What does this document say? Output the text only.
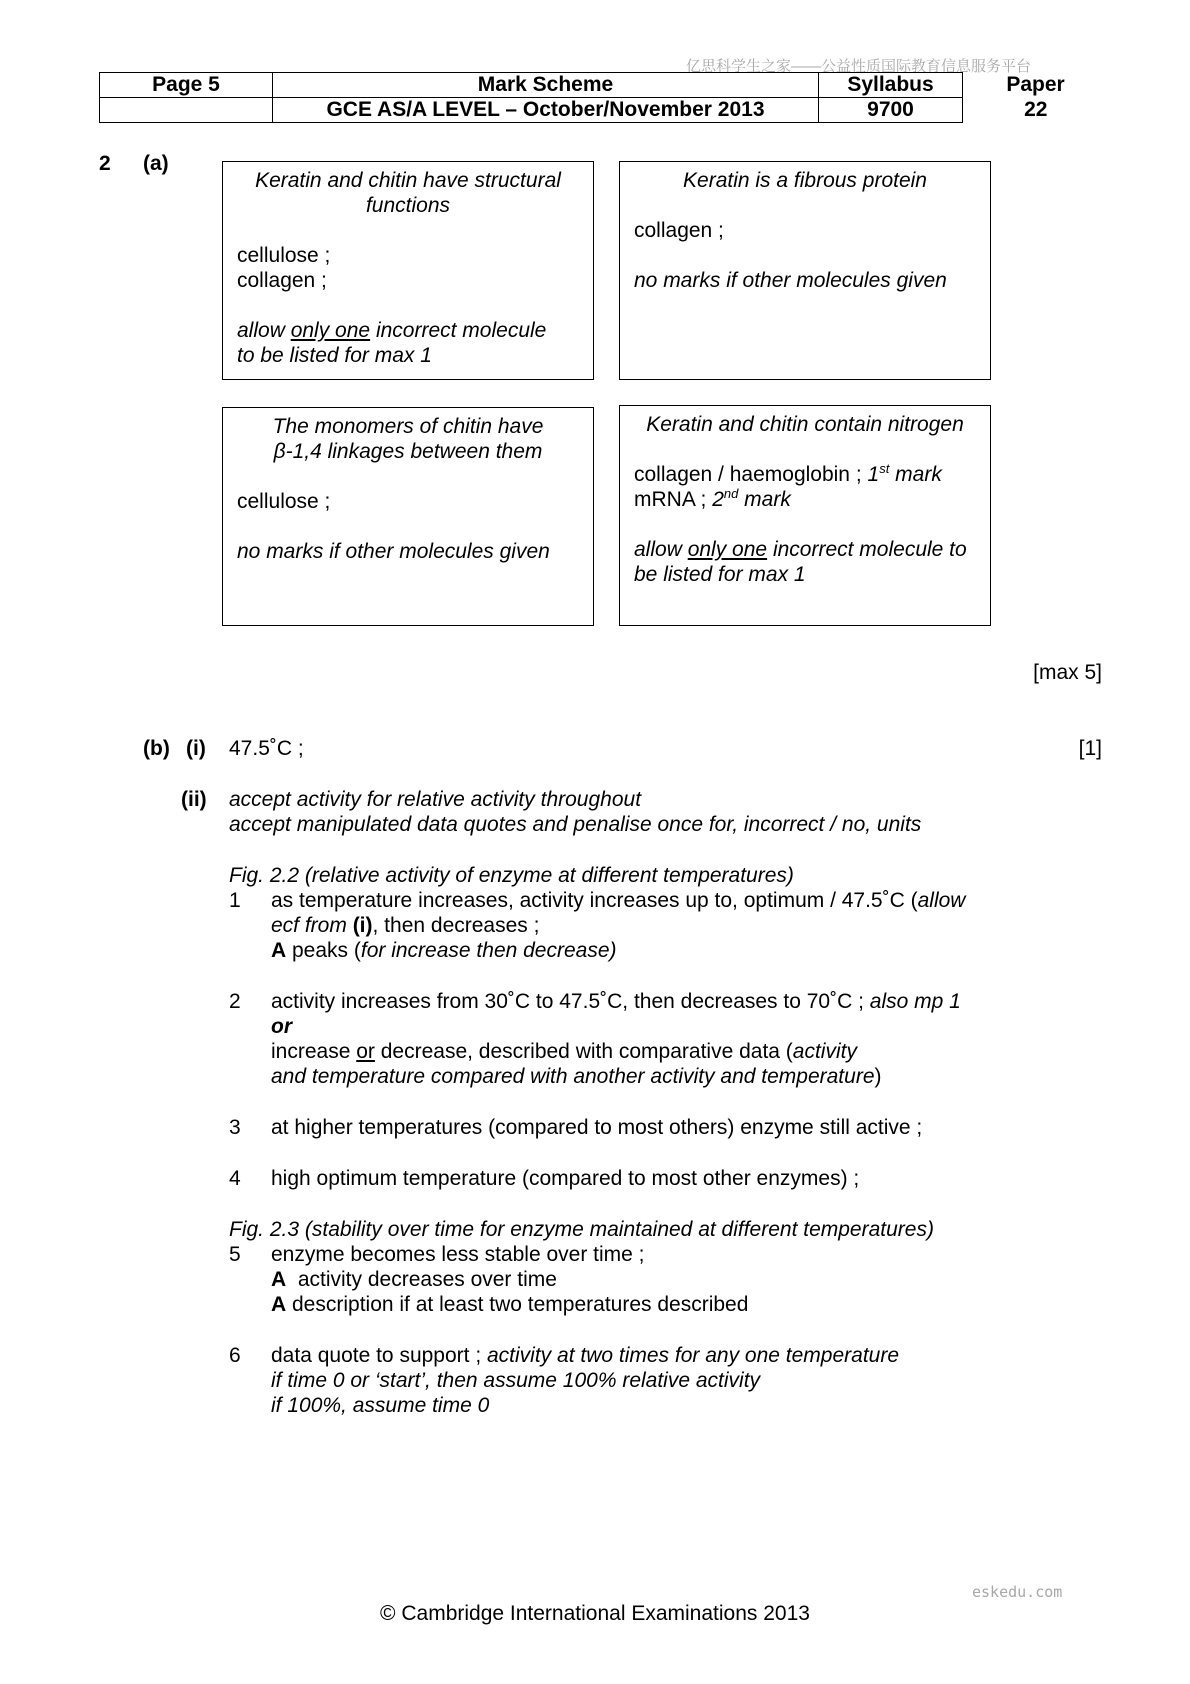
亿思科学生之家——公益性质国际教育信息服务平台
Page 5	Mark Scheme	Syllabus	Paper
	GCE AS/A LEVEL – October/November 2013	9700	22
2 (a)

Keratin and chitin have structural functions

cellulose ;

collagen ;

allow only one incorrect molecule

to be listed for max 1

Keratin is a fibrous protein

collagen ;

no marks if other molecules given

The monomers of chitin have

β-1,4 linkages between them

cellulose ;

no marks if other molecules given

Keratin and chitin contain nitrogen

collagen / haemoglobin ; 1st mark

mRNA ; 2nd mark

allow only one incorrect molecule to

be listed for max 1

[max 5]
(b) (i) 47.5˚C ;	[1]
(ii) accept activity for relative activity throughout
accept manipulated data quotes and penalise once for, incorrect / no, units
Fig. 2.2 (relative activity of enzyme at different temperatures)
1 as temperature increases, activity increases up to, optimum / 47.5˚C (allow
ecf from (i), then decreases ;
A peaks (for increase then decrease)
2 activity increases from 30˚C to 47.5˚C, then decreases to 70˚C ; also mp 1
or
increase or decrease, described with comparative data (activity
and temperature compared with another activity and temperature)
3 at higher temperatures (compared to most others) enzyme still active ;
4 high optimum temperature (compared to most other enzymes) ;
Fig. 2.3 (stability over time for enzyme maintained at different temperatures)
5 enzyme becomes less stable over time ;
A  activity decreases over time
A description if at least two temperatures described
6 data quote to support ; activity at two times for any one temperature
if time 0 or ‘start’, then assume 100% relative activity
if 100%, assume time 0
eskedu.com
© Cambridge International Examinations 2013
